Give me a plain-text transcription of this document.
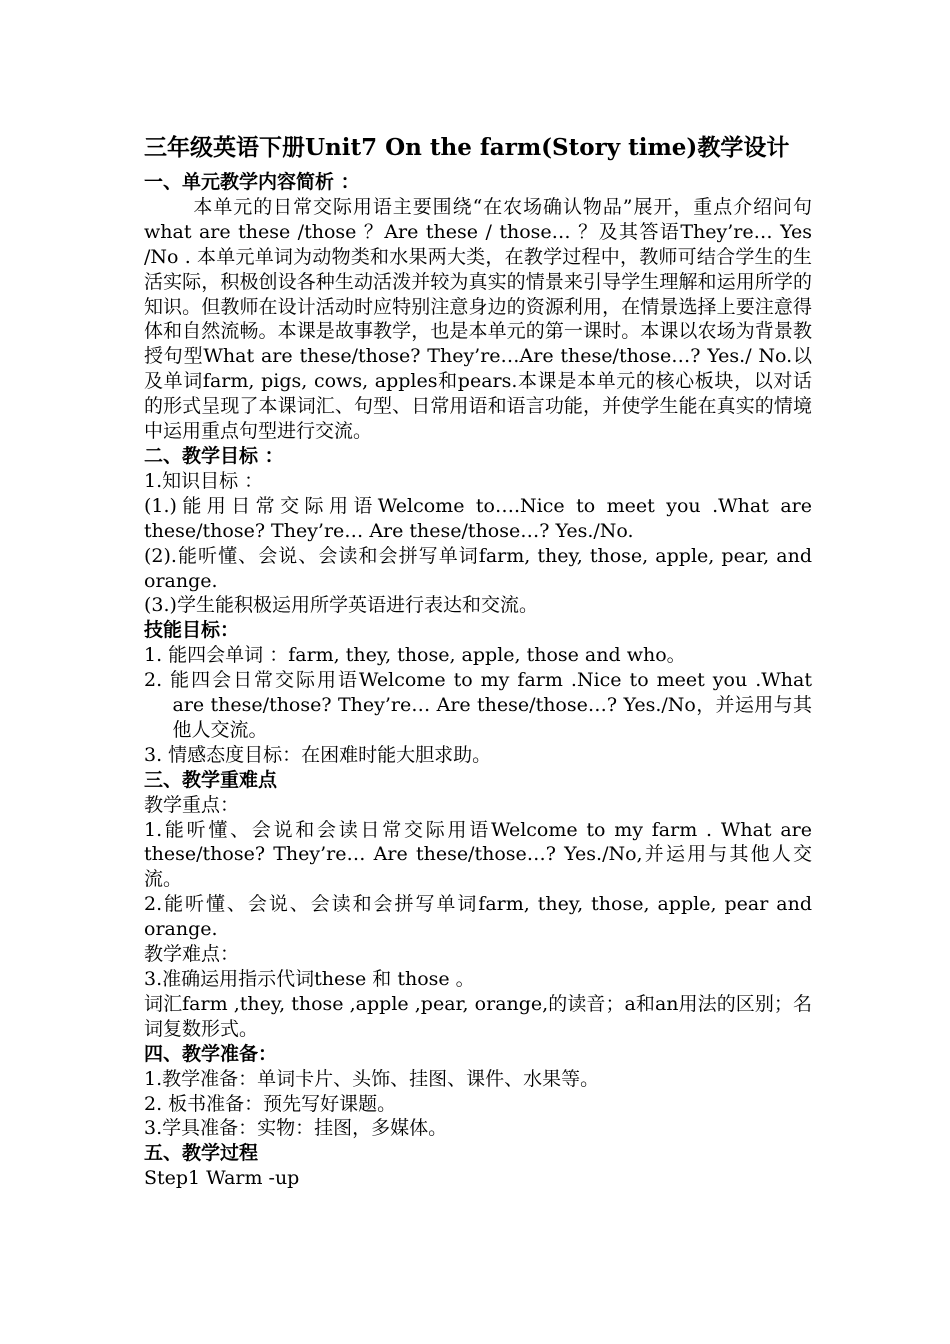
三年级英语下册Unit7 On the farm(Story time)教学设计
一、单元教学内容简析 ：
本单元的日常交际用语主要围绕“在农场确认物品”展开，重点介绍问句what are these /those ？Are these / those… ？及其答语They’re… Yes /No . 本单元单词为动物类和水果两大类，在教学过程中，教师可结合学生的生活实际，积极创设各种生动活泼并较为真实的情景来引导学生理解和运用所学的知识。但教师在设计活动时应特别注意身边的资源利用，在情景选择上要注意得体和自然流畅。本课是故事教学，也是本单元的第一课时。本课以农场为背景教授句型What are these/those? They’re…Are these/those…? Yes./ No.以及单词farm, pigs, cows, apples和pears.本课是本单元的核心板块，以对话的形式呈现了本课词汇、句型、日常用语和语言功能，并使学生能在真实的情境中运用重点句型进行交流。
二、教学目标 ：
1.知识目标 ：
(1.)能用日常交际用语Welcome to….Nice to meet you .What are these/those? They’re… Are these/those…? Yes./No.
(2).能听懂、会说、会读和会拼写单词farm, they, those, apple, pear, and orange.
(3.)学生能积极运用所学英语进行表达和交流。
技能目标：
1. 能四会单词 ：farm, they, those, apple, those and who。
2. 能四会日常交际用语Welcome to my farm .Nice to meet you .What are these/those? They’re… Are these/those…? Yes./No，并运用与其他人交流。
3. 情感态度目标：在困难时能大胆求助。
三、教学重难点
教学重点：
1.能听懂、会说和会读日常交际用语Welcome to my farm . What are these/those? They’re… Are these/those…? Yes./No,并运用与其他人交流。
2.能听懂、会说、会读和会拼写单词farm, they, those, apple, pear and orange.
教学难点：
3.准确运用指示代词these 和 those 。
词汇farm ,they, those ,apple ,pear, orange,的读音；a和an用法的区别；名词复数形式。
四、教学准备：
1.教学准备：单词卡片、头饰、挂图、课件、水果等。
2. 板书准备：预先写好课题。
3.学具准备：实物：挂图，多媒体。
五、教学过程
Step1 Warm -up
